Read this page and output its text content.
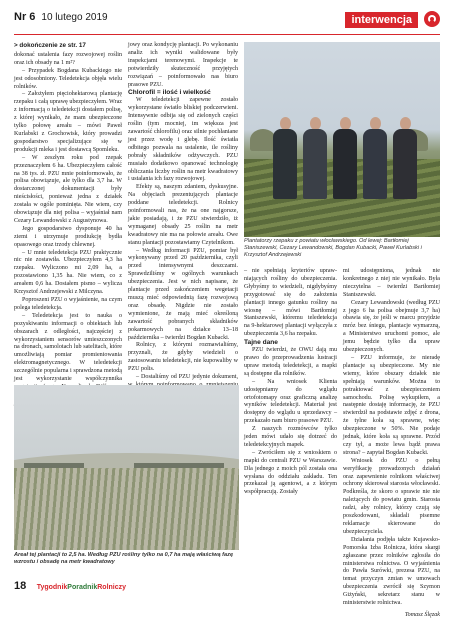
Nr 6 10 lutego 2019	interwencja

> dokończenie ze str. 17

dokonać ustalenia fazy rozwojowej roślin oraz ich obsady na 1 m²?

– Przypadek Bogdana Kubackiego nie jest odosobniony. Teledetekcja objęła wielu rolników.

– Założyłem pięciohektarową plantację rzepaku i całą uprawę ubezpieczyłem. Wraz z informacją o teledetekcji dostałem polisę, z której wynikało, że mam ubezpieczone tylko połowę areału – mówi Paweł Kurlabski z Grochowisk, który prowadzi gospodarstwo specjalizujące się w produkcji mleka i jest dostawcą Spomleku.

– W zeszłym roku pod rzepak przeznaczyłem 6 ha. Ubezpieczyłem całość na 38 tys. zł. PZU mnie poinformowało, że polisa obowiązuje, ale tylko dla 3,7 ha. W dostarczonej dokumentacji były nieścisłości, ponieważ jedna z działek została w ogóle pominięta. Nie wiem, czy obowiązuje dla niej polisa – wyjaśniał nam Cezary Lewandowski z Augustynowa.

Jego gospodarstwo dysponuje 40 ha ziemi i utrzymuje prodiukcję bydła opasowego oraz trzody chlewnej.

– U mnie teledetekcja PZU praktycznie nic nie zostawiła. Ubezpieczyłem 4,3 ha rzepaku. Wyliczono mi 2,09 ha, a pozostawiono 1,35 ha. Nie wiem, co z areałem 0,6 ha. Dostałem pismo – wylicza Krzysztof Andrzejewski z Milczyna.

Poproszeni PZU o wyjaśnienie, na czym polega teledetekcja.

– Teledetekcja jest to nauka o pozyskiwaniu informacji o obiektach lub obszarach z odległości, najczęściej z wykorzystaniem sensorów umieszczonych na dronach, samolotach lub satelitach, które umożliwiają pomiar promieniowania elektromagnetycznego. W teledetekcji szczególnie popularna i sprawdzona metodą jest wykorzystanie współczynnika

jowy oraz kondycję plantacji. Po wykonaniu analiz ich wyniki walidowane były inspekcjami terenowymi. Inspekcje te potwierdziły skuteczność przyjętych rozwiązań – poinformowało nas biuro prasowe PZU.

Chlorofil = ilość i wielkość

W teledetekcji zapewne zostało wykorzystane światło bliskiej podczerwieni. Intensywnie odbija się od zielonych części roślin (tym mocniej, im większa jest zawartość chlorofilu) oraz silnie pochłaniane jest przez wodę i glebę. Ilość światła odbitego pozwala na ustalenie, ile rośliny pobrały składników odżywczych. PZU musiało dodatkowo opanować technologię obliczania liczby roślin na metr kwadratowy i ustalania ich fazy rozwojowej.

Efekty są, naszym zdaniem, dyskusyjne. Na objęciach prezentujących plantacje poddane teledetekcji. Rolnicy poinformowali nas, że na one najgorsze, jakie posiadają, i że PZU stwierdziło, iż wymaganej obsady 25 roślin na metr kwadratowy nie ma na połowie areału. Owe stanu plantacji pozostawiamy Czytelnikom.

– Według informacji PZU, pomiar był wykonywany przed 20 października, czyli przed intensywnymi deszczami. Sprawdziliśmy w ogólnych warunkach ubezpieczenia. Jest w nich napisane, że plantacje przed zakończeniem wegetacji muszą mieć odpowiednią fazę rozwojową oraz obsadę. Nigdzie nie zostało wymienione, że mają mieć określoną zawartość pobranych składników pokarmowych na działce 13–18 października – twierdzi Bogdan Kubacki.

Rolnicy, z którymi rozmawialiśmy, przyznali, że gdyby wiedzieli o zastosowaniu teledetekcji, nie kupowaliby w PZU polis.

– Dostaliśmy od PZU jedynie dokument,

Plantatorzy rzepaku z powiatu włocławskiego. Od lewej: Bartłomiej Staniszewski, Cezary Lewandowski, Bogdan Kubacki, Paweł Kurlabski i Krzysztof Andrzejewski

– nie spełniają kryteriów upraw-niających rośliny do ubezpieczenia. Głybyśmy to wiedzieli, nigdybyśmy przygotować się do założenia plantacji innego gatunku rośliny na wiosnę – mówi Bartłomiej Staniszewski, któremu teledetekcja na 9-hektarowej plantacji wyłączyła z ubezpieczenia 3,6 ha rzepaku.

Tajne dane

PZU twierdzi, że OWU dają mu prawo do przeprowadzenia lustracji upraw metodą teledetekcji, a mapki są dostępne dla rolników.

– Na wniosek Klienta udostępniamy do wglądu ortofotomapy oraz graficzną analizę wyników teledetekcji. Materiał jest dostępny do wglądu u sprzedawcy – przekazało nam biuro prasowe PZU.

Z naszych rozmówców tylko jeden mówi udało się dotrzeć do teledetekcyjnych mapek.

– Zwróciłem się z wnioskiem o mapki do centrali PZU w Warszawie. Dla jednego z moich pól została ona wysłana do oddziału zakładu. Ten przekazał ją agentowi, a z którym współpracują. Zostały

mi udostępniona, jednak nie konkretnego z niej nie wynikało. Była nieczytelna – twierdzi Bartłomiej Staniszewski.

Cezary Lewandowski (według PZU z jego 6 ha polisa obejmuje 3,7 ha) obawia się, że jeśli w marcu przyjdzie mróz bez śniegu, plantacje wymarzną, a Ministerstwo uruchomi pomoc, ale jemu będzie tylko dla upraw ubezpieczonych.

– PZU informuje, że nieradę plantacje są ubezpieczone. My nie wiemy, które obszary działek nie spełniają warunków. Można to potraktować z ubezpieczeniem samochodu. Polisę wykupiłem, a następnie dostaję informację, że PZU stwierdził na podstawie zdjęć z drona, że tylne koła są sprawne, więc ubezpieczone w 50%. Nie podaje jednak, które koła są sprawne. Przód czy tył, a może lewa bądź prawa strona? – zapytał Bogdan Kubacki.

Wniosek do PZU o pełną weryfikację prowadzonych działań oraz zapewnienie rolnikom właściwej ochrony skierował starosta włocławski. Podkreśla, że skoro o sprawie nie nie należących do powiatu gmin. Starosta radzi, aby rolnicy, którzy czują się poszkodowani, składali pisemne reklamacje skierowane do ubezpieczyciela.

Działania podjęła także Kujawsko-Pomorska Izba Rolnicza, która skargi zgłaszane przez rolników zgłosiła do ministerstwa rolnictwa. O wyjaśnienia do Pawła Surówki, prezesa PZU, na temat przyczyn zmian w umowach ubezpieczenia zwrócił się Szymon Giżyński, sekretarz stanu w ministerstwie rolnictwa.

Tomasz Ślęzak

Areał tej plantacji to 2,5 ha. Według PZU rośliny tylko na 0,7 ha mają właściwą fazę wzrostu i obsadę na metr kwadratowy
18 TygodnikPoradnikRolniczy
